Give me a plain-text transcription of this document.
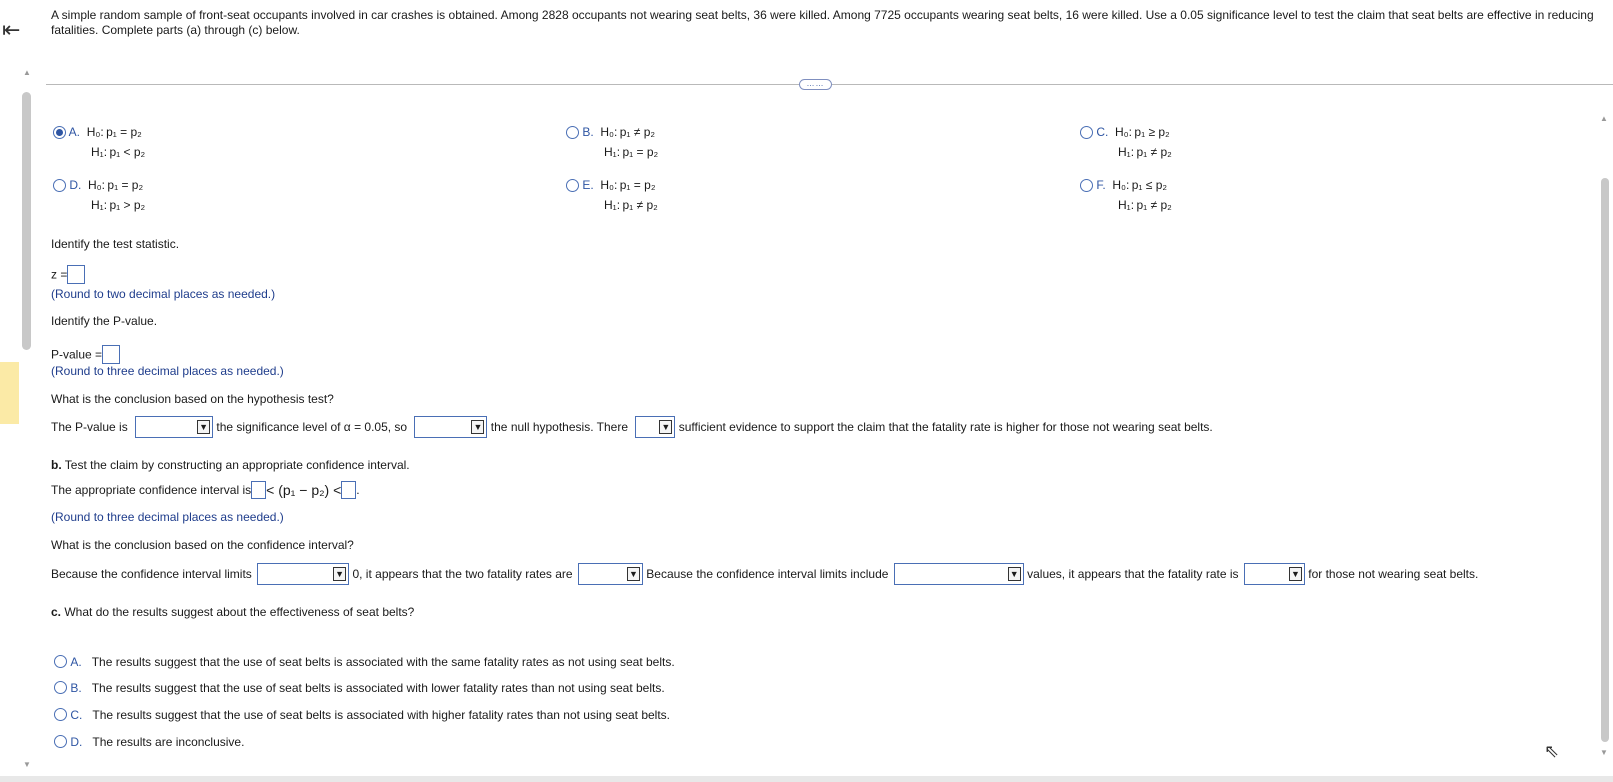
⇤
▲
▼
A simple random sample of front-seat occupants involved in car crashes is obtained. Among 2828 occupants not wearing seat belts, 36 were killed. Among 7725 occupants wearing seat belts, 16 were killed. Use a 0.05 significance level to test the claim that seat belts are effective in reducing fatalities. Complete parts (a) through (c) below.
……
▲
▼
A. H₀: p₁ = p₂
H₁: p₁ < p₂
B. H₀: p₁ ≠ p₂
H₁: p₁ = p₂
C. H₀: p₁ ≥ p₂
H₁: p₁ ≠ p₂
D. H₀: p₁ = p₂
H₁: p₁ > p₂
E. H₀: p₁ = p₂
H₁: p₁ ≠ p₂
F. H₀: p₁ ≤ p₂
H₁: p₁ ≠ p₂
Identify the test statistic.
z =
(Round to two decimal places as needed.)
Identify the P-value.
P-value =
(Round to three decimal places as needed.)
What is the conclusion based on the hypothesis test?
The P-value is	▼ the significance level of α = 0.05, so	▼ the null hypothesis. There	▼ sufficient evidence to support the claim that the fatality rate is higher for those not wearing seat belts.
b. Test the claim by constructing an appropriate confidence interval.
The appropriate confidence interval is < (p₁ − p₂) < .
(Round to three decimal places as needed.)
What is the conclusion based on the confidence interval?
Because the confidence interval limits	▼ 0, it appears that the two fatality rates are	▼ Because the confidence interval limits include	▼ values, it appears that the fatality rate is	▼ for those not wearing seat belts.
c. What do the results suggest about the effectiveness of seat belts?
A. The results suggest that the use of seat belts is associated with the same fatality rates as not using seat belts.
B. The results suggest that the use of seat belts is associated with lower fatality rates than not using seat belts.
C. The results suggest that the use of seat belts is associated with higher fatality rates than not using seat belts.
D. The results are inconclusive.	⇖
